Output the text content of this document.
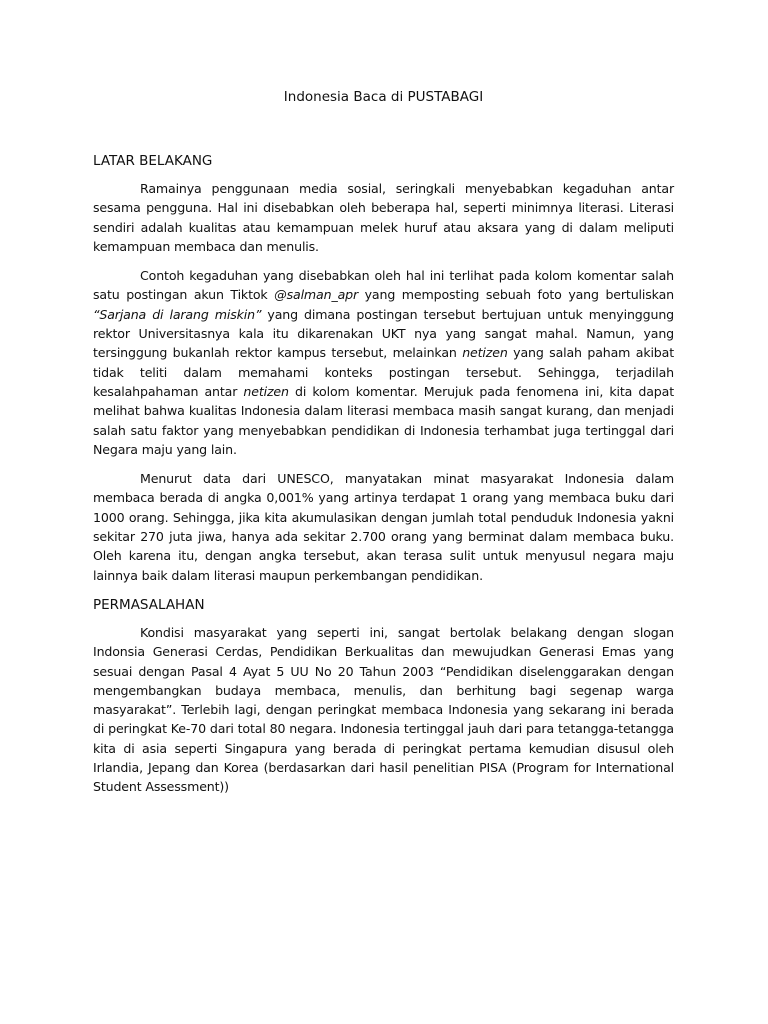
Indonesia Baca di PUSTABAGI
LATAR BELAKANG

Ramainya penggunaan media sosial, seringkali menyebabkan kegaduhan antar sesama pengguna. Hal ini disebabkan oleh beberapa hal, seperti minimnya literasi. Literasi sendiri adalah kualitas atau kemampuan melek huruf atau aksara yang di dalam meliputi kemampuan membaca dan menulis.

Contoh kegaduhan yang disebabkan oleh hal ini terlihat pada kolom komentar salah satu postingan akun Tiktok @salman_apr yang memposting sebuah foto yang bertuliskan “Sarjana di larang miskin” yang dimana postingan tersebut bertujuan untuk menyinggung rektor Universitasnya kala itu dikarenakan UKT nya yang sangat mahal. Namun, yang tersinggung bukanlah rektor kampus tersebut, melainkan netizen yang salah paham akibat tidak teliti dalam memahami konteks postingan tersebut. Sehingga, terjadilah kesalahpahaman antar netizen di kolom komentar. Merujuk pada fenomena ini, kita dapat melihat bahwa kualitas Indonesia dalam literasi membaca masih sangat kurang, dan menjadi salah satu faktor yang menyebabkan pendidikan di Indonesia terhambat juga tertinggal dari Negara maju yang lain.

Menurut data dari UNESCO, manyatakan minat masyarakat Indonesia dalam membaca berada di angka 0,001% yang artinya terdapat 1 orang yang membaca buku dari 1000 orang. Sehingga, jika kita akumulasikan dengan jumlah total penduduk Indonesia yakni sekitar 270 juta jiwa, hanya ada sekitar 2.700 orang yang berminat dalam membaca buku. Oleh karena itu, dengan angka tersebut, akan terasa sulit untuk menyusul negara maju lainnya baik dalam literasi maupun perkembangan pendidikan.

PERMASALAHAN

Kondisi masyarakat yang seperti ini, sangat bertolak belakang dengan slogan Indonsia Generasi Cerdas, Pendidikan Berkualitas dan mewujudkan Generasi Emas yang sesuai dengan Pasal 4 Ayat 5 UU No 20 Tahun 2003 “Pendidikan diselenggarakan dengan mengembangkan budaya membaca, menulis, dan berhitung bagi segenap warga masyarakat”. Terlebih lagi, dengan peringkat membaca Indonesia yang sekarang ini berada di peringkat Ke-70 dari total 80 negara. Indonesia tertinggal jauh dari para tetangga-tetangga kita di asia seperti Singapura yang berada di peringkat pertama kemudian disusul oleh Irlandia, Jepang dan Korea (berdasarkan dari hasil penelitian PISA (Program for International Student Assessment))
